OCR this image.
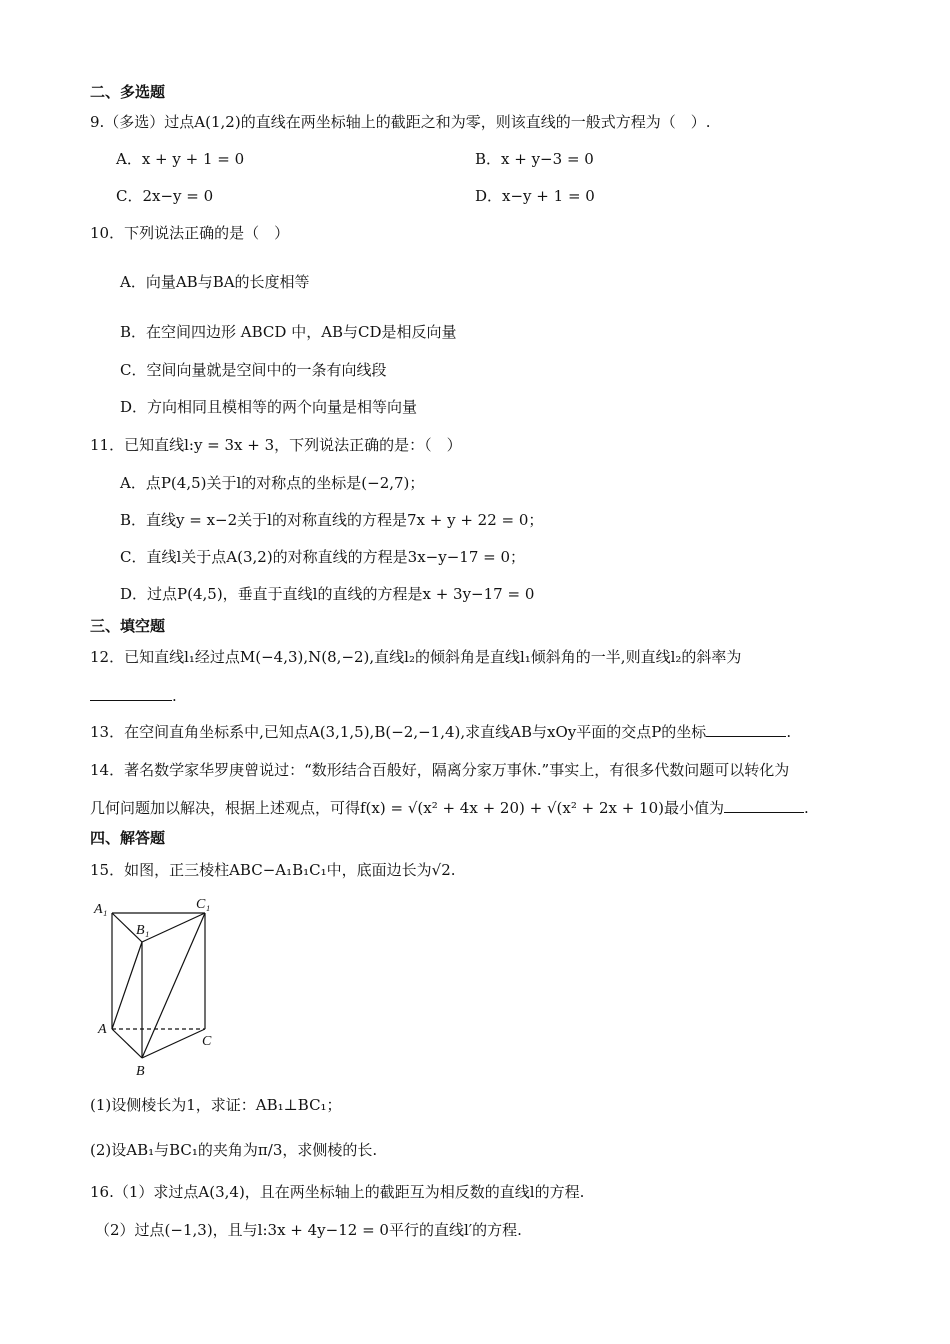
二、多选题
9.（多选）过点A(1,2)的直线在两坐标轴上的截距之和为零，则该直线的一般式方程为（　）.
A．x + y + 1 = 0	B．x + y−3 = 0
C．2x−y = 0	D．x−y + 1 = 0
10．下列说法正确的是（　）
A．向量AB与BA的长度相等
B．在空间四边形 ABCD 中，AB与CD是相反向量
C．空间向量就是空间中的一条有向线段
D．方向相同且模相等的两个向量是相等向量
11．已知直线l:y = 3x + 3，下列说法正确的是：（　）
A．点P(4,5)关于l的对称点的坐标是(−2,7)；
B．直线y = x−2关于l的对称直线的方程是7x + y + 22 = 0；
C．直线l关于点A(3,2)的对称直线的方程是3x−y−17 = 0；
D．过点P(4,5)，垂直于直线l的直线的方程是x + 3y−17 = 0
三、填空题
12．已知直线l₁经过点M(−4,3),N(8,−2),直线l₂的倾斜角是直线l₁倾斜角的一半,则直线l₂的斜率为
.
13．在空间直角坐标系中,已知点A(3,1,5),B(−2,−1,4),求直线AB与xOy平面的交点P的坐标	.
14．著名数学家华罗庚曾说过：“数形结合百般好，隔离分家万事休.”事实上，有很多代数问题可以转化为
几何问题加以解决，根据上述观点，可得f(x) = √(x² + 4x + 20) + √(x² + 2x + 10)最小值为	.
四、解答题
15．如图，正三棱柱ABC−A₁B₁C₁中，底面边长为√2.
A₁
B₁
C₁
A
B
C
(1)设侧棱长为1，求证：AB₁⊥BC₁；
(2)设AB₁与BC₁的夹角为π/3，求侧棱的长.
16.（1）求过点A(3,4)，且在两坐标轴上的截距互为相反数的直线l的方程.
（2）过点(−1,3)，且与l:3x + 4y−12 = 0平行的直线l′的方程.
